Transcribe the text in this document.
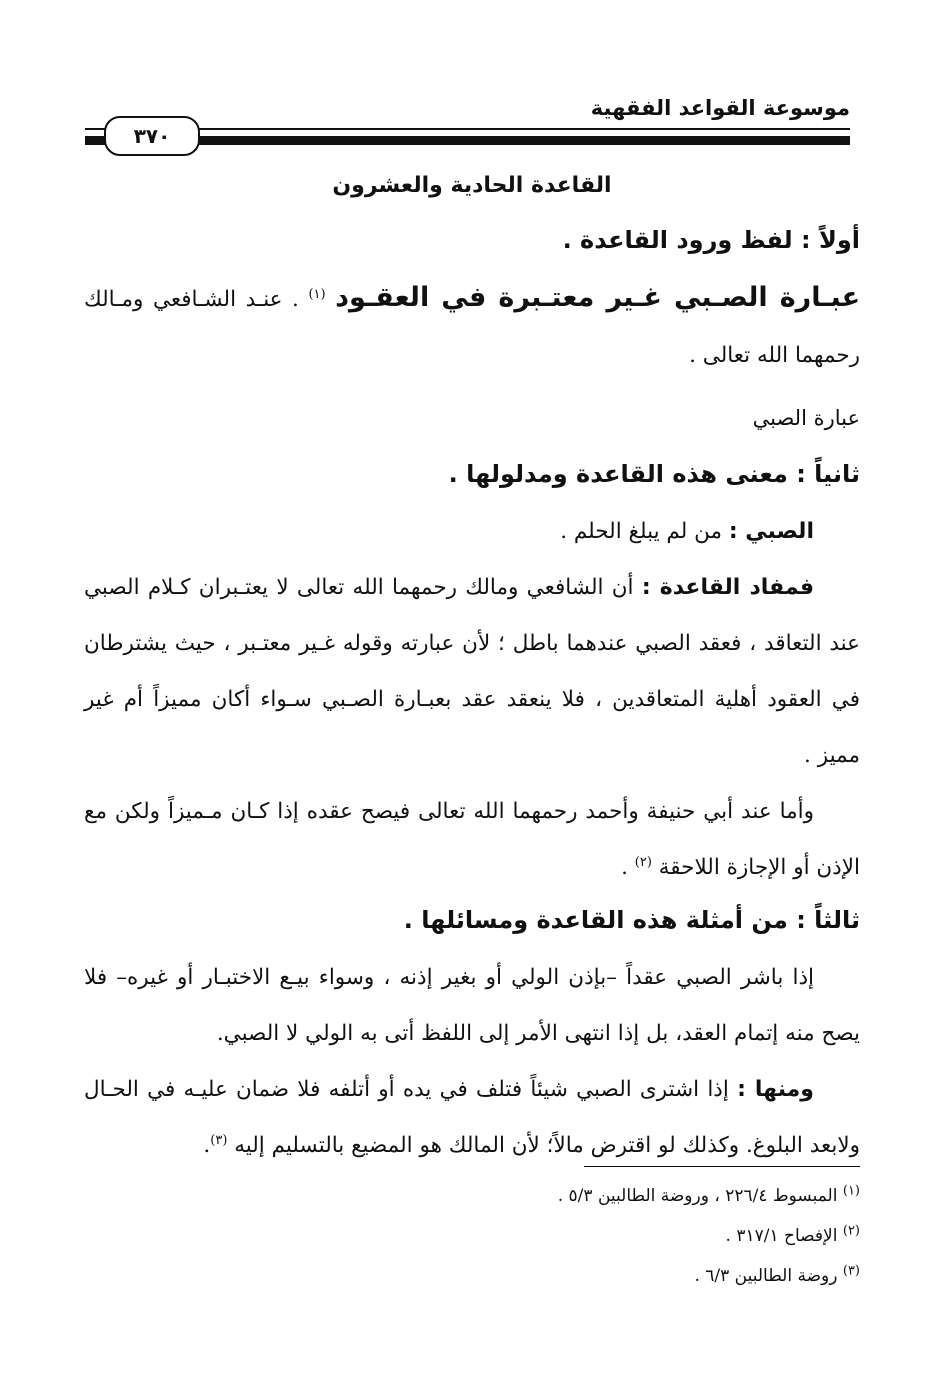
موسوعة القواعد الفقهية
٣٧٠
القاعدة الحادية والعشرون
أولاً : لفظ ورود القاعدة .

عبـارة الصـبي غـير معتـبرة في العقـود $^{(١)}$ . عنـد الشـافعي ومـالك رحمهما الله تعالى .

عبارة الصبي
ثانياً : معنى هذه القاعدة ومدلولها .

الصبي : من لم يبلغ الحلم .

فمفاد القاعدة : أن الشافعي ومالك رحمهما الله تعالى لا يعتـبران كـلام الصبي عند التعاقد ، فعقد الصبي عندهما باطل ؛ لأن عبارته وقوله غـير معتـبر ، حيث يشترطان في العقود أهلية المتعاقدين ، فلا ينعقد عقد بعبـارة الصـبي سـواء أكان مميزاً أم غير مميز .

وأما عند أبي حنيفة وأحمد رحمهما الله تعالى فيصح عقده إذا كـان مـميزاً ولكن مع الإذن أو الإجازة اللاحقة $^{(٢)}$ .

ثالثاً : من أمثلة هذه القاعدة ومسائلها .

إذا باشر الصبي عقداً –بإذن الولي أو بغير إذنه ، وسواء بيـع الاختبـار أو غيره– فلا يصح منه إتمام العقد، بل إذا انتهى الأمر إلى اللفظ أتى به الولي لا الصبي.

ومنها : إذا اشترى الصبي شيئاً فتلف في يده أو أتلفه فلا ضمان عليـه في الحـال ولابعد البلوغ. وكذلك لو اقترض مالاً؛ لأن المالك هو المضيع بالتسليم إليه $^{(٣)}$.

$^{(١)}$ المبسوط ٢٢٦/٤ ، وروضة الطالبين ٥/٣ .

$^{(٢)}$ الإفصاح ٣١٧/١ .

$^{(٣)}$ روضة الطالبين ٦/٣ .
